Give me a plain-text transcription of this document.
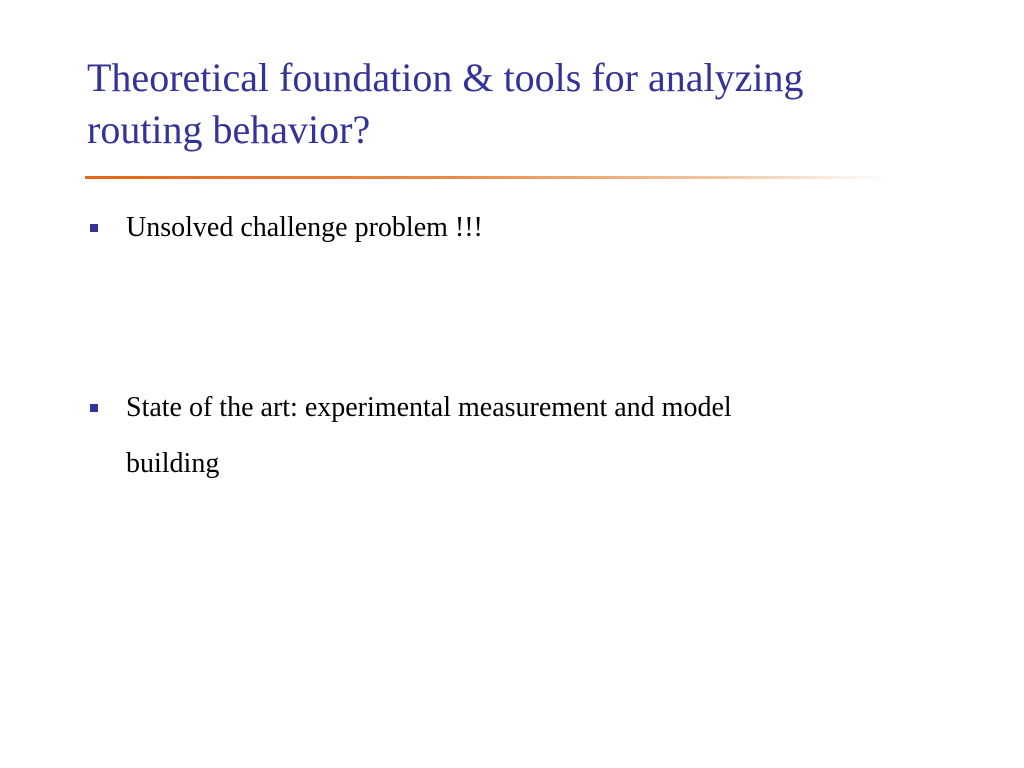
Theoretical foundation & tools for analyzing
routing behavior?

Unsolved challenge problem !!!

State of the art: experimental measurement and model
building
